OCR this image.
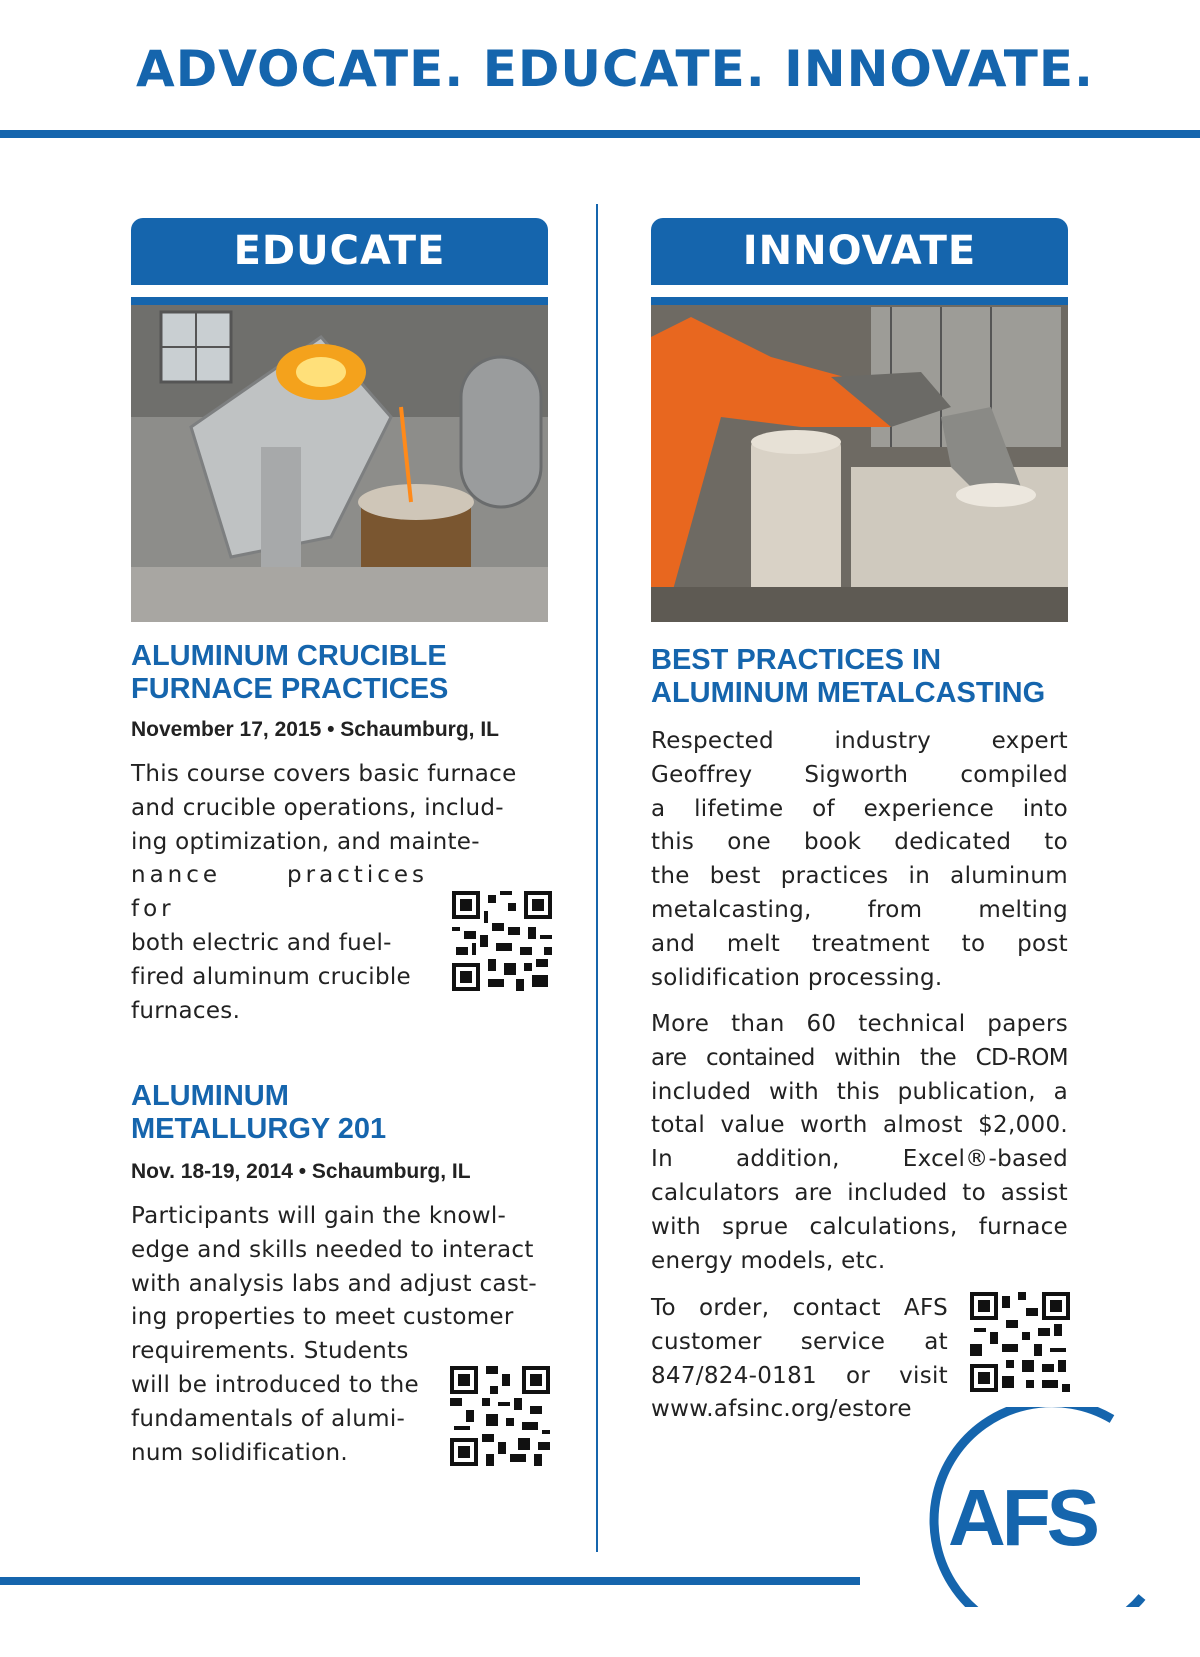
ADVOCATE. EDUCATE. INNOVATE.
EDUCATE
ALUMINUM CRUCIBLE
FURNACE PRACTICES
November 17, 2015 • Schaumburg, IL
This course covers basic furnace
and crucible operations, includ-
ing optimization, and mainte-
nance practices for
both electric and fuel-
fired aluminum crucible
furnaces.
ALUMINUM
METALLURGY 201
Nov. 18-19, 2014 • Schaumburg, IL
Participants will gain the knowl-
edge and skills needed to interact
with analysis labs and adjust cast-
ing properties to meet customer
requirements. Students
will be introduced to the
fundamentals of alumi-
num solidification.
INNOVATE
BEST PRACTICES IN
ALUMINUM METALCASTING
Respected industry expert
Geoffrey Sigworth compiled
a lifetime of experience into
this one book dedicated to
the best practices in aluminum
metalcasting, from melting
and melt treatment to post
solidification processing.
More than 60 technical papers
are contained within the CD-ROM
included with this publication, a
total value worth almost $2,000.
In addition, Excel®-based
calculators are included to assist
with sprue calculations, furnace
energy models, etc.
To order, contact AFS
customer service at
847/824-0181 or visit
www.afsinc.org/estore
AFS
